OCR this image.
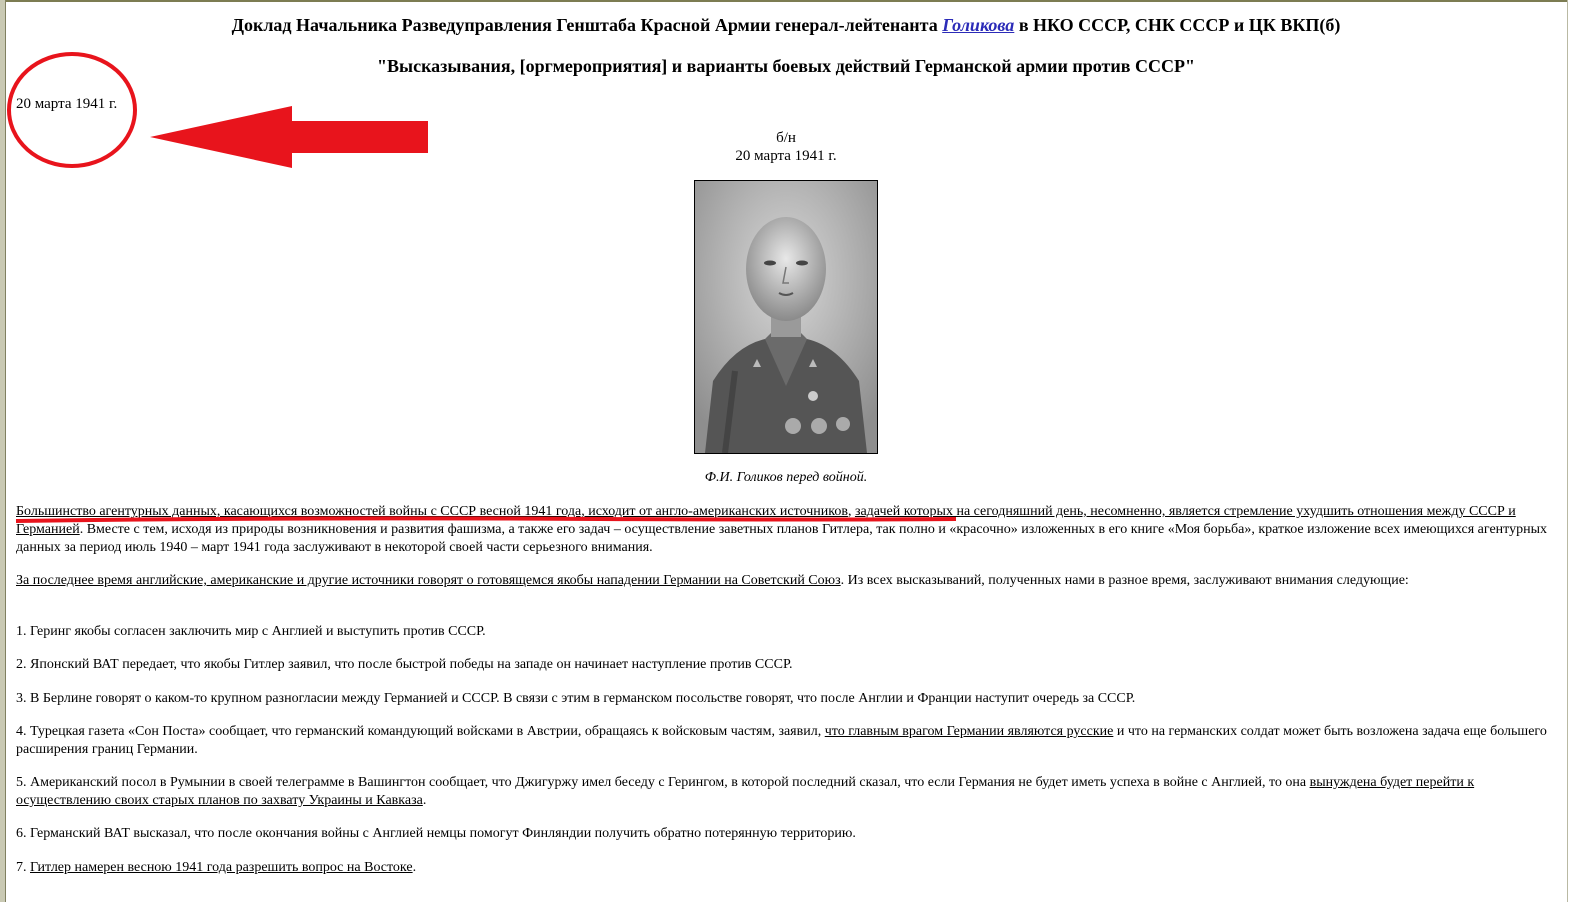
Доклад Начальника Разведуправления Генштаба Красной Армии генерал-лейтенанта Голикова в НКО СССР, СНК СССР и ЦК ВКП(б)
"Высказывания, [оргмероприятия] и варианты боевых действий Германской армии против СССР"
20 марта 1941 г.
б/н
20 марта 1941 г.
Ф.И. Голиков перед войной.
Большинство агентурных данных, касающихся возможностей войны с СССР весной 1941 года, исходит от англо-американских источников, задачей которых на сегодняшний день, несомненно, является стремление ухудшить отношения между СССР и Германией. Вместе с тем, исходя из природы возникновения и развития фашизма, а также его задач – осуществление заветных планов Гитлера, так полно и «красочно» изложенных в его книге «Моя борьба», краткое изложение всех имеющихся агентурных данных за период июль 1940 – март 1941 года заслуживают в некоторой своей части серьезного внимания.
За последнее время английские, американские и другие источники говорят о готовящемся якобы нападении Германии на Советский Союз. Из всех высказываний, полученных нами в разное время, заслуживают внимания следующие:
1. Геринг якобы согласен заключить мир с Англией и выступить против СССР.
2. Японский ВАТ передает, что якобы Гитлер заявил, что после быстрой победы на западе он начинает наступление против СССР.
3. В Берлине говорят о каком-то крупном разногласии между Германией и СССР. В связи с этим в германском посольстве говорят, что после Англии и Франции наступит очередь за СССР.
4. Турецкая газета «Сон Поста» сообщает, что германский командующий войсками в Австрии, обращаясь к войсковым частям, заявил, что главным врагом Германии являются русские и что на германских солдат может быть возложена задача еще большего расширения границ Германии.
5. Американский посол в Румынии в своей телеграмме в Вашингтон сообщает, что Джигуржу имел беседу с Герингом, в которой последний сказал, что если Германия не будет иметь успеха в войне с Англией, то она вынуждена будет перейти к осуществлению своих старых планов по захвату Украины и Кавказа.
6. Германский ВАТ высказал, что после окончания войны с Англией немцы помогут Финляндии получить обратно потерянную территорию.
7. Гитлер намерен весною 1941 года разрешить вопрос на Востоке.
